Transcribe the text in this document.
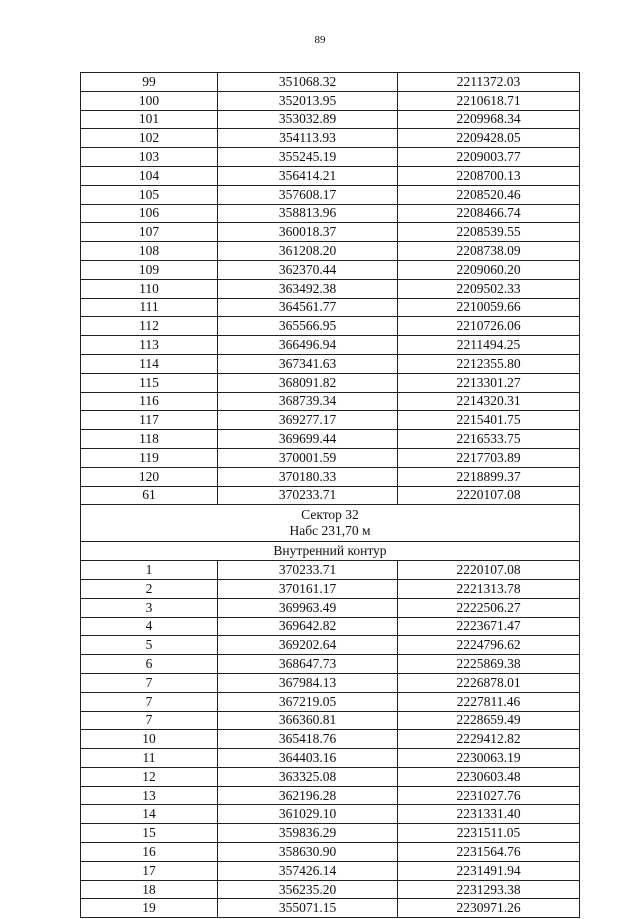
89
99	351068.32	2211372.03
100	352013.95	2210618.71
101	353032.89	2209968.34
102	354113.93	2209428.05
103	355245.19	2209003.77
104	356414.21	2208700.13
105	357608.17	2208520.46
106	358813.96	2208466.74
107	360018.37	2208539.55
108	361208.20	2208738.09
109	362370.44	2209060.20
110	363492.38	2209502.33
111	364561.77	2210059.66
112	365566.95	2210726.06
113	366496.94	2211494.25
114	367341.63	2212355.80
115	368091.82	2213301.27
116	368739.34	2214320.31
117	369277.17	2215401.75
118	369699.44	2216533.75
119	370001.59	2217703.89
120	370180.33	2218899.37
61	370233.71	2220107.08

Сектор 32
Набс 231,70 м		

Внутренний контур		
1	370233.71	2220107.08
2	370161.17	2221313.78
3	369963.49	2222506.27
4	369642.82	2223671.47
5	369202.64	2224796.62
6	368647.73	2225869.38
7	367984.13	2226878.01
7	367219.05	2227811.46
7	366360.81	2228659.49
10	365418.76	2229412.82
11	364403.16	2230063.19
12	363325.08	2230603.48
13	362196.28	2231027.76
14	361029.10	2231331.40
15	359836.29	2231511.05
16	358630.90	2231564.76
17	357426.14	2231491.94
18	356235.20	2231293.38
19	355071.15	2230971.26
